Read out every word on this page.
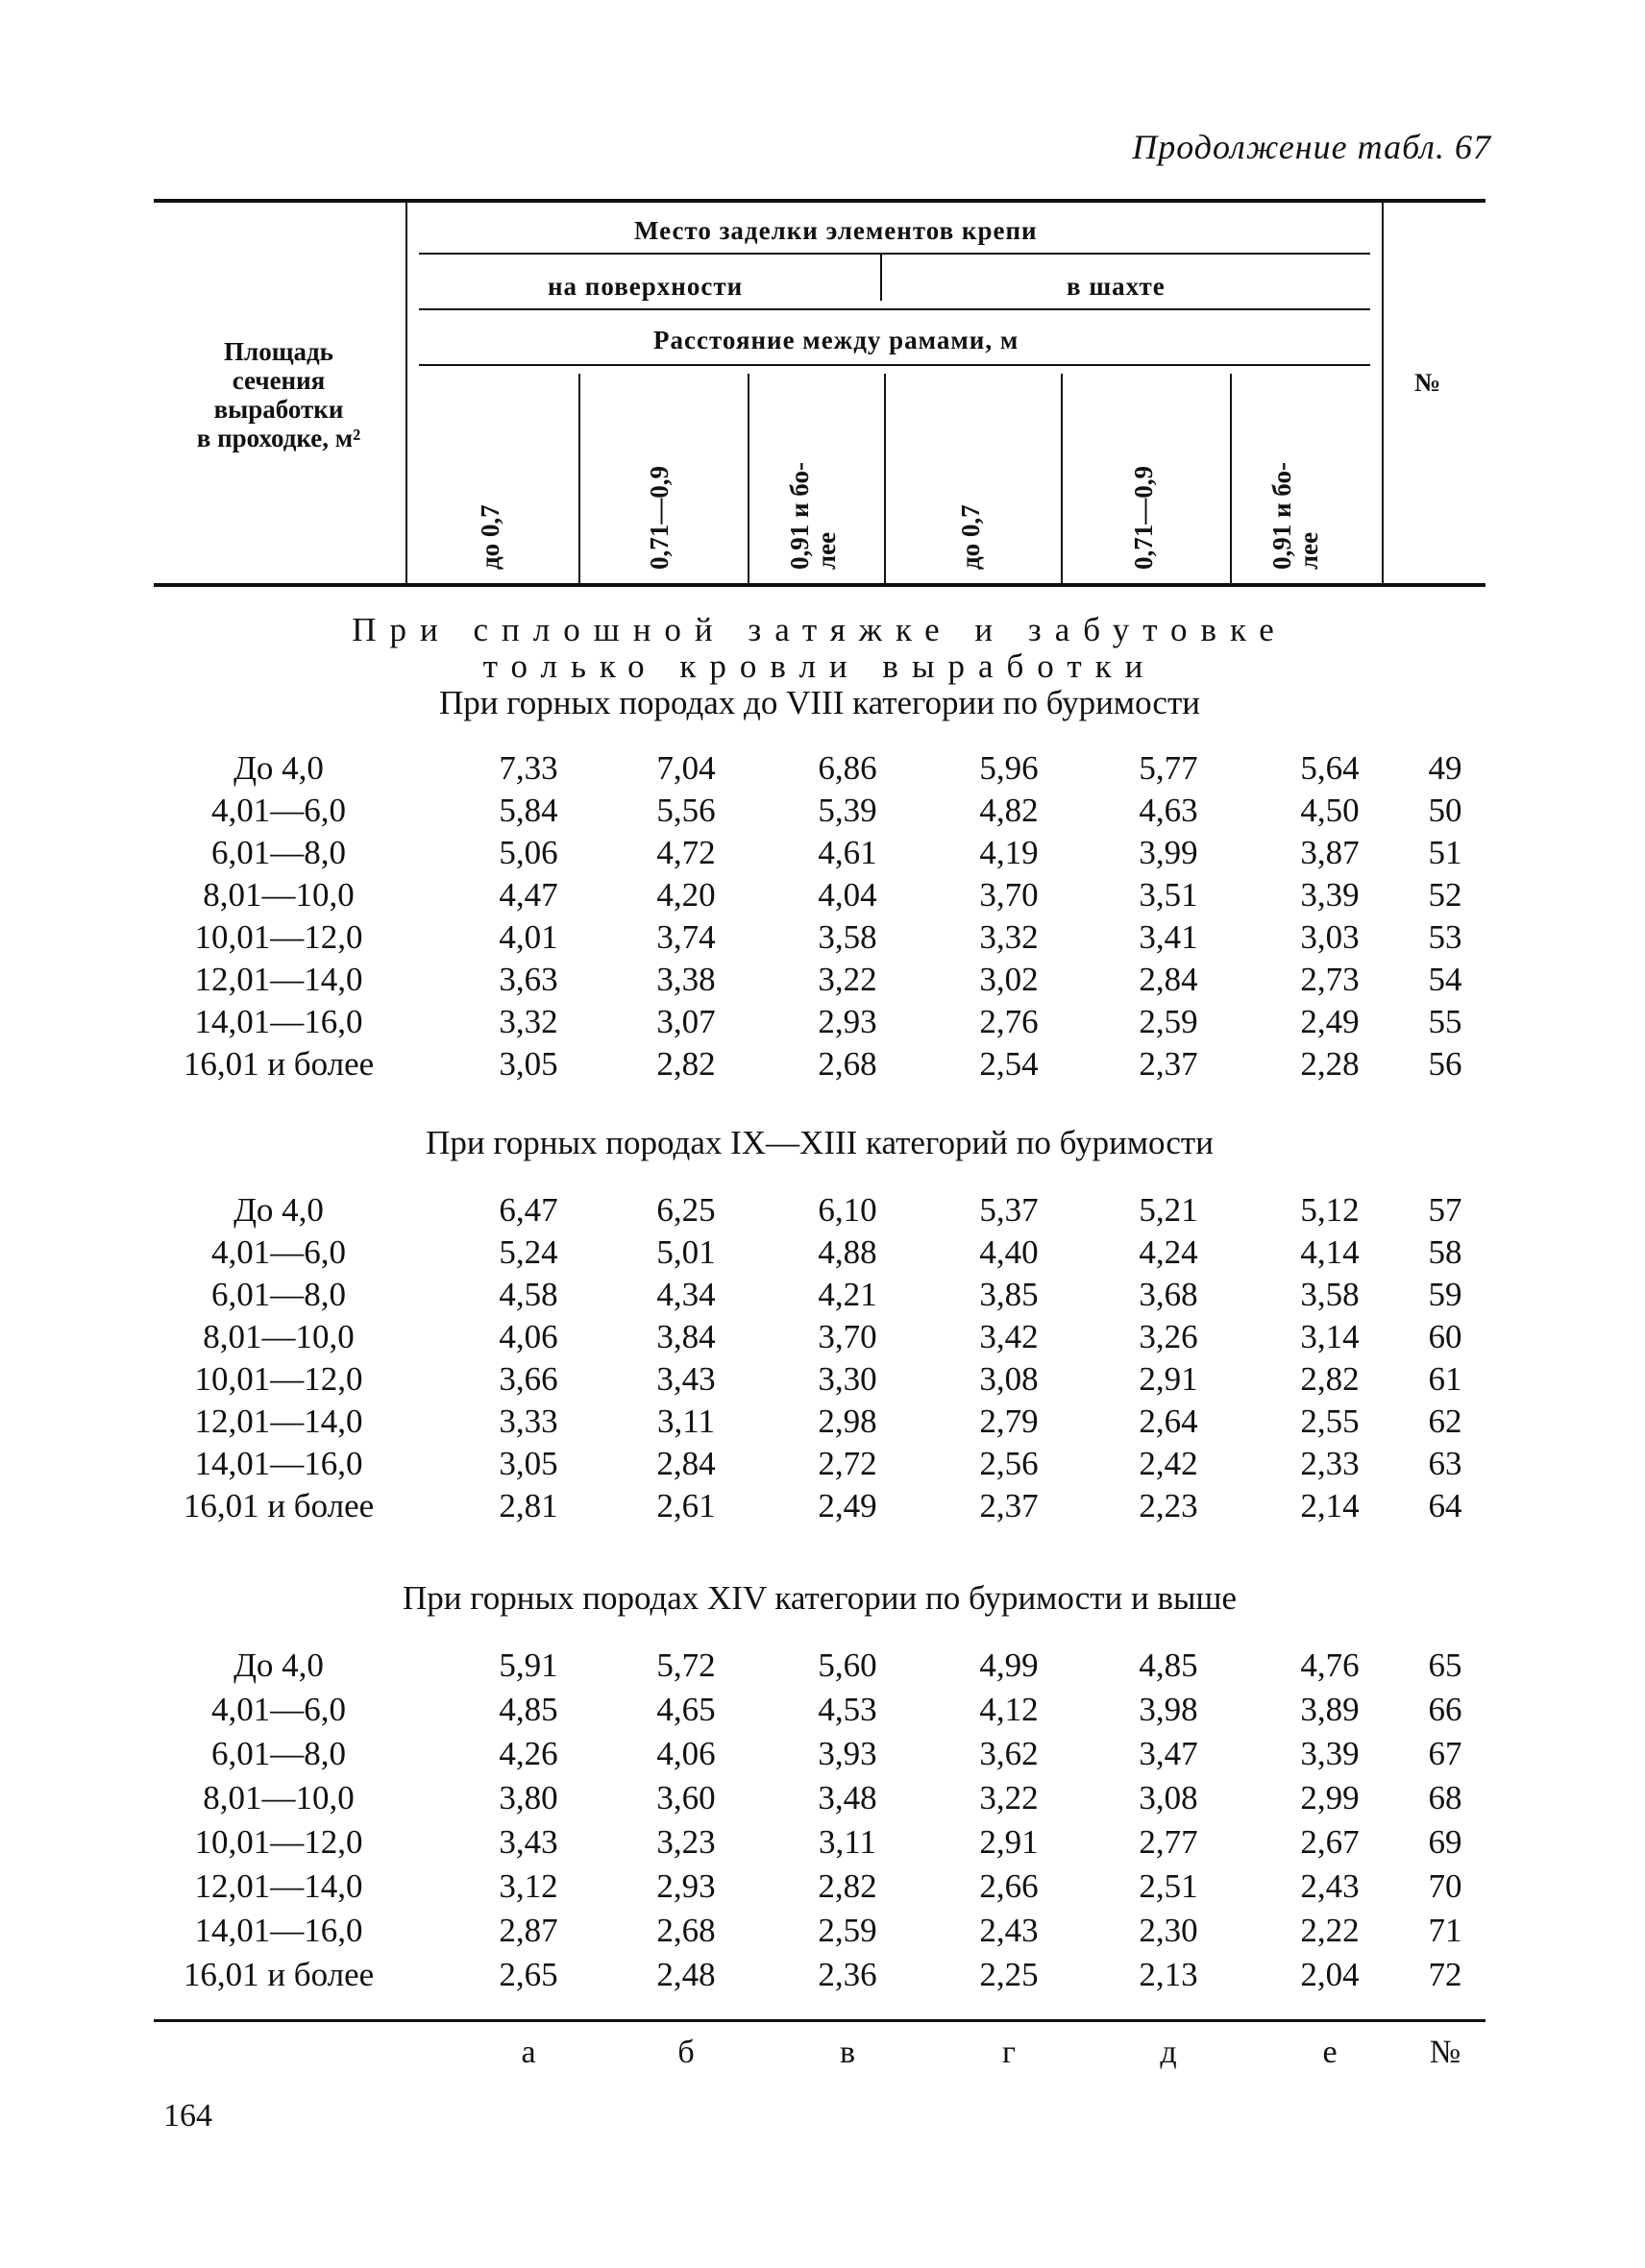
Продолжение табл. 67
Площадь
сечения
выработки
в проходке, м²
Место заделки элементов крепи
на поверхности	в шахте
Расстояние между рамами, м
№
до 0,7	0,71—0,9	0,91 и бо-лее	до 0,7	0,71—0,9	0,91 и бо-лее
При сплошной затяжке и забутовке
только кровли выработки
При горных породах до VIII категории по буримости
При горных породах IX—XIII категорий по буримости
При горных породах XIV категории по буримости и выше
До 4,0	7,33	7,04	6,86	5,96	5,77	5,64	49
4,01—6,0	5,84	5,56	5,39	4,82	4,63	4,50	50
6,01—8,0	5,06	4,72	4,61	4,19	3,99	3,87	51
8,01—10,0	4,47	4,20	4,04	3,70	3,51	3,39	52
10,01—12,0	4,01	3,74	3,58	3,32	3,41	3,03	53
12,01—14,0	3,63	3,38	3,22	3,02	2,84	2,73	54
14,01—16,0	3,32	3,07	2,93	2,76	2,59	2,49	55
16,01 и более	3,05	2,82	2,68	2,54	2,37	2,28	56
До 4,0	6,47	6,25	6,10	5,37	5,21	5,12	57
4,01—6,0	5,24	5,01	4,88	4,40	4,24	4,14	58
6,01—8,0	4,58	4,34	4,21	3,85	3,68	3,58	59
8,01—10,0	4,06	3,84	3,70	3,42	3,26	3,14	60
10,01—12,0	3,66	3,43	3,30	3,08	2,91	2,82	61
12,01—14,0	3,33	3,11	2,98	2,79	2,64	2,55	62
14,01—16,0	3,05	2,84	2,72	2,56	2,42	2,33	63
16,01 и более	2,81	2,61	2,49	2,37	2,23	2,14	64
До 4,0	5,91	5,72	5,60	4,99	4,85	4,76	65
4,01—6,0	4,85	4,65	4,53	4,12	3,98	3,89	66
6,01—8,0	4,26	4,06	3,93	3,62	3,47	3,39	67
8,01—10,0	3,80	3,60	3,48	3,22	3,08	2,99	68
10,01—12,0	3,43	3,23	3,11	2,91	2,77	2,67	69
12,01—14,0	3,12	2,93	2,82	2,66	2,51	2,43	70
14,01—16,0	2,87	2,68	2,59	2,43	2,30	2,22	71
16,01 и более	2,65	2,48	2,36	2,25	2,13	2,04	72
а	б	в	г	д	е	№
164
